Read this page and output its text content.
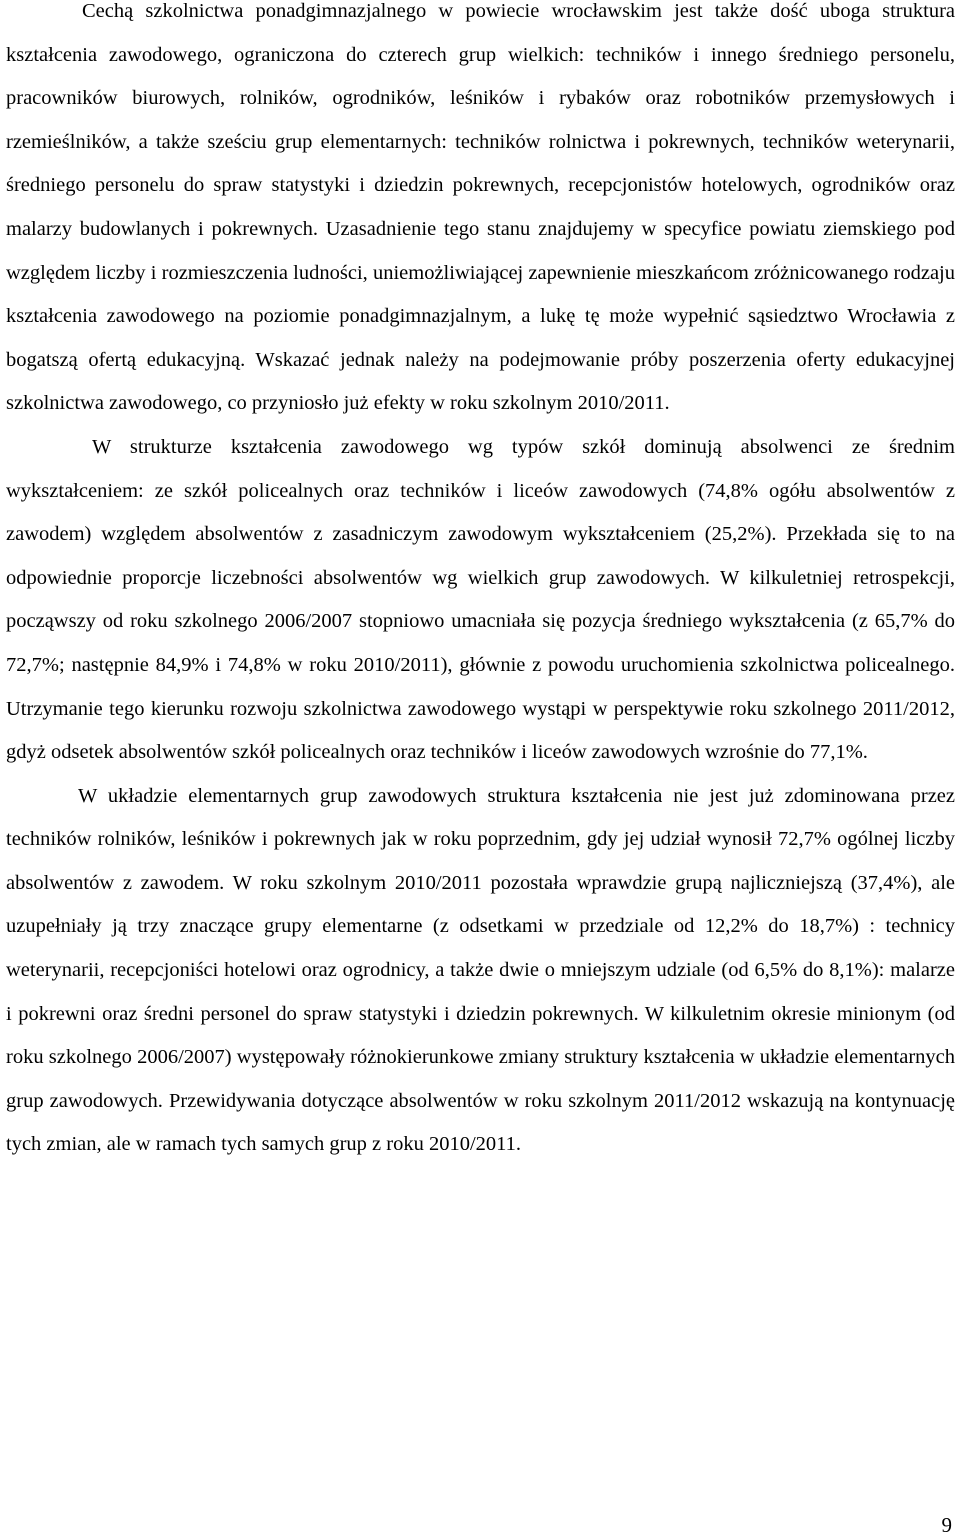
Cechą szkolnictwa ponadgimnazjalnego w powiecie wrocławskim jest także dość uboga struktura kształcenia zawodowego, ograniczona do czterech grup wielkich: techników i innego średniego personelu, pracowników biurowych, rolników, ogrodników, leśników i rybaków oraz robotników przemysłowych i rzemieślników, a także sześciu grup elementarnych: techników rolnictwa i pokrewnych, techników weterynarii, średniego personelu do spraw statystyki i dziedzin pokrewnych, recepcjonistów hotelowych, ogrodników oraz malarzy budowlanych i pokrewnych. Uzasadnienie tego stanu znajdujemy w specyfice powiatu ziemskiego pod względem liczby i rozmieszczenia ludności, uniemożliwiającej zapewnienie mieszkańcom zróżnicowanego rodzaju kształcenia zawodowego na poziomie ponadgimnazjalnym, a lukę tę może wypełnić sąsiedztwo Wrocławia z bogatszą ofertą edukacyjną. Wskazać jednak należy na podejmowanie próby poszerzenia oferty edukacyjnej szkolnictwa zawodowego, co przyniosło już efekty w roku szkolnym 2010/2011.

W strukturze kształcenia zawodowego wg typów szkół dominują absolwenci ze średnim wykształceniem: ze szkół policealnych oraz techników i liceów zawodowych (74,8% ogółu absolwentów z zawodem) względem absolwentów z zasadniczym zawodowym wykształceniem (25,2%). Przekłada się to na odpowiednie proporcje liczebności absolwentów wg wielkich grup zawodowych. W kilkuletniej retrospekcji, począwszy od roku szkolnego 2006/2007 stopniowo umacniała się pozycja średniego wykształcenia (z 65,7% do 72,7%; następnie 84,9% i 74,8% w roku 2010/2011), głównie z powodu uruchomienia szkolnictwa policealnego. Utrzymanie tego kierunku rozwoju szkolnictwa zawodowego wystąpi w perspektywie roku szkolnego 2011/2012, gdyż odsetek absolwentów szkół policealnych oraz techników i liceów zawodowych wzrośnie do 77,1%.

W układzie elementarnych grup zawodowych struktura kształcenia nie jest już zdominowana przez techników rolników, leśników i pokrewnych jak w roku poprzednim, gdy jej udział wynosił 72,7% ogólnej liczby absolwentów z zawodem. W roku szkolnym 2010/2011 pozostała wprawdzie grupą najliczniejszą (37,4%), ale uzupełniały ją trzy znaczące grupy elementarne (z odsetkami w przedziale od 12,2% do 18,7%) : technicy weterynarii, recepcjoniści hotelowi oraz ogrodnicy, a także dwie o mniejszym udziale (od 6,5% do 8,1%): malarze i pokrewni oraz średni personel do spraw statystyki i dziedzin pokrewnych. W kilkuletnim okresie minionym (od roku szkolnego 2006/2007) występowały różnokierunkowe zmiany struktury kształcenia w układzie elementarnych grup zawodowych. Przewidywania dotyczące absolwentów w roku szkolnym 2011/2012 wskazują na kontynuację tych zmian, ale w ramach tych samych grup z roku 2010/2011.

9
